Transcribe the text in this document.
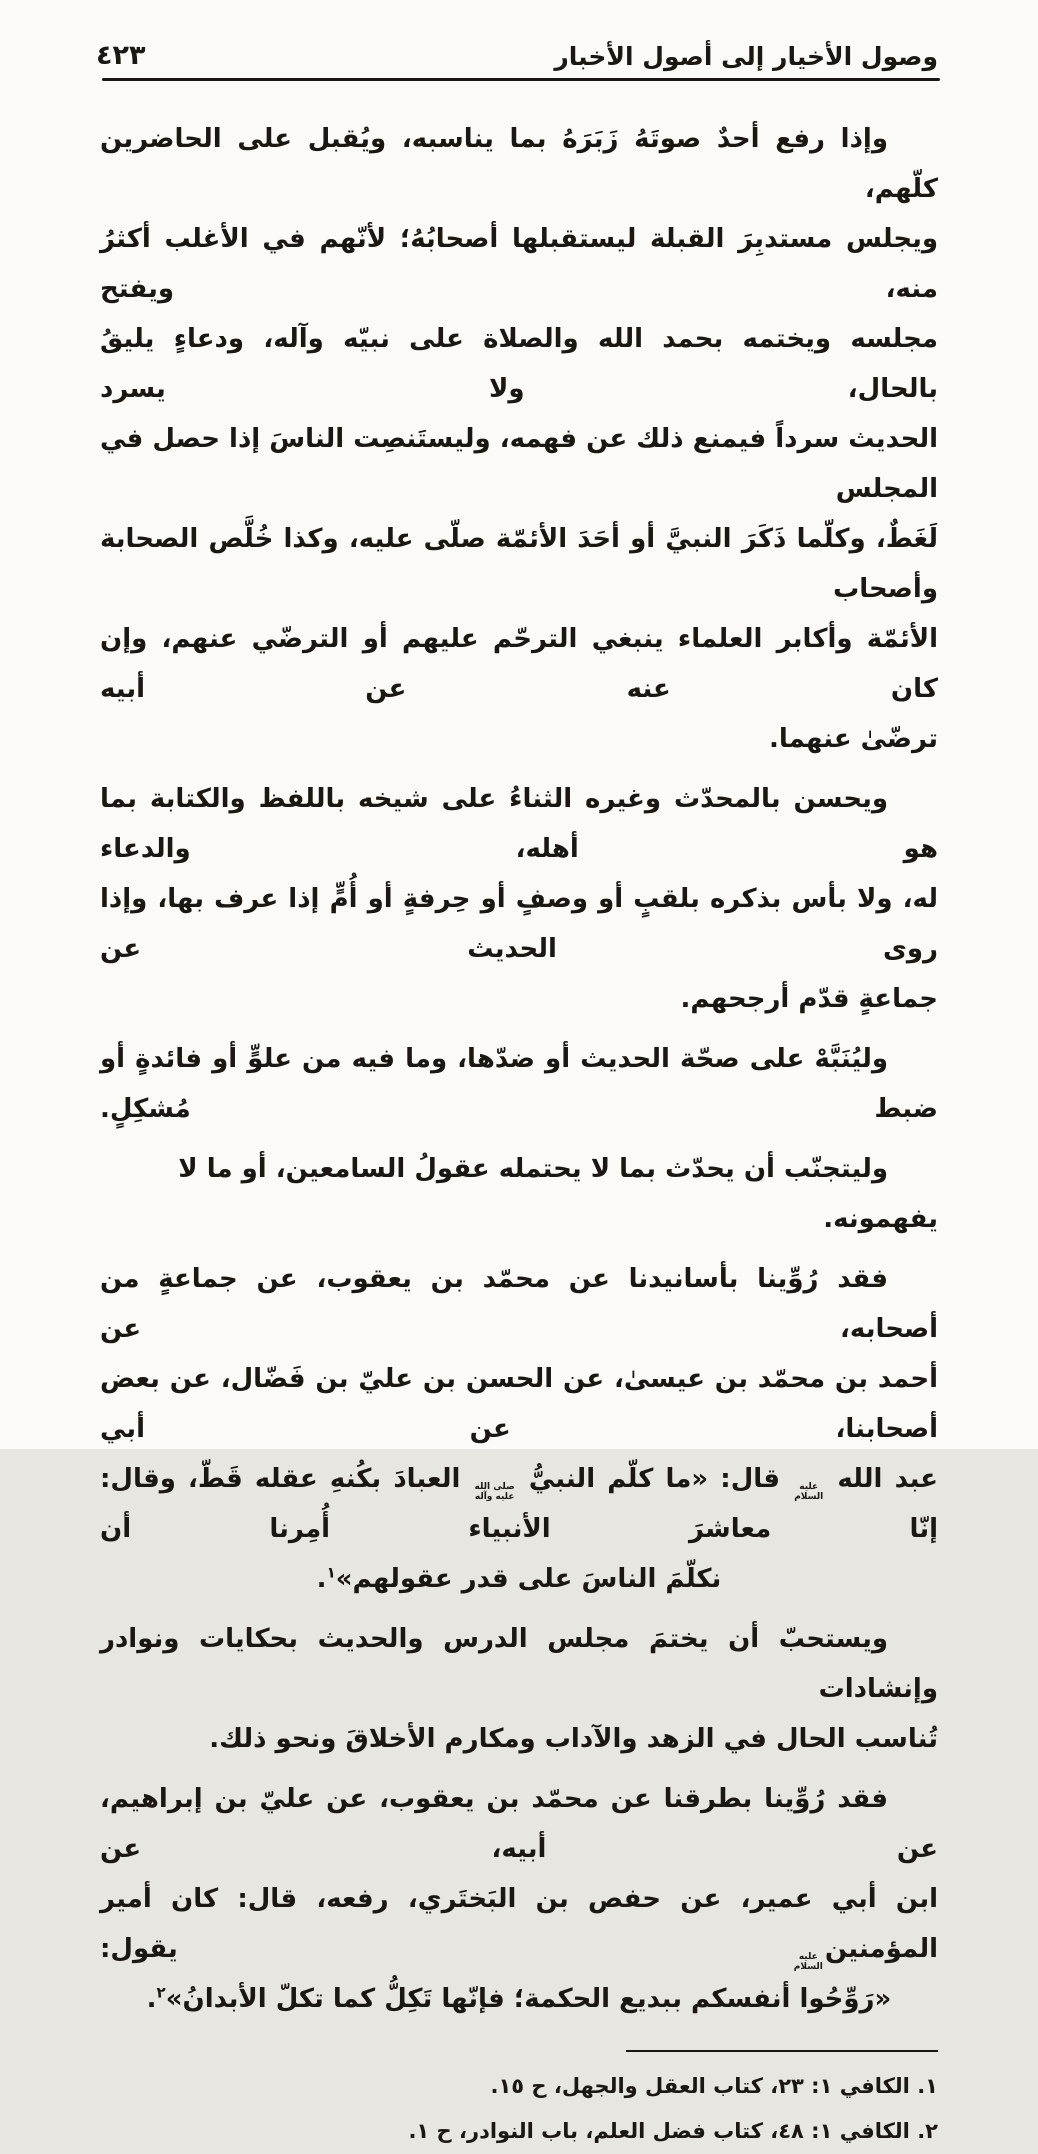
٤٢٣	وصول الأخيار إلى أصول الأخبار
وإذا رفع أحدٌ صوتَهُ زَبَرَهُ بما يناسبه، ويُقبل على الحاضرين كلّهم،
ويجلس مستدبِرَ القبلة ليستقبلها أصحابُهُ؛ لأنّهم في الأغلب أكثرُ منه، ويفتح
مجلسه ويختمه بحمد الله والصلاة على نبيّه وآله، ودعاءٍ يليقُ بالحال، ولا يسرد
الحديث سرداً فيمنع ذلك عن فهمه، وليستَنصِت الناسَ إذا حصل في المجلس
لَغَطٌ، وكلّما ذَكَرَ النبيَّ أو أحَدَ الأئمّة صلّى عليه، وكذا خُلَّص الصحابة وأصحاب
الأئمّة وأكابر العلماء ينبغي الترحّم عليهم أو الترضّي عنهم، وإن كان عنه عن أبيه
ترضّىٰ عنهما.
ويحسن بالمحدّث وغيره الثناءُ على شيخه باللفظ والكتابة بما هو أهله، والدعاء
له، ولا بأس بذكره بلقبٍ أو وصفٍ أو حِرفةٍ أو أُمٍّ إذا عرف بها، وإذا روى الحديث عن
جماعةٍ قدّم أرجحهم.
وليُنَبَّهْ على صحّة الحديث أو ضدّها، وما فيه من علوٍّ أو فائدةٍ أو ضبط مُشكِلٍ.
وليتجنّب أن يحدّث بما لا يحتمله عقولُ السامعين، أو ما لا يفهمونه.
فقد رُوِّينا بأسانيدنا عن محمّد بن يعقوب، عن جماعةٍ من أصحابه، عن
أحمد بن محمّد بن عيسىٰ، عن الحسن بن عليّ بن فَضّال، عن بعض أصحابنا، عن أبي
عبد الله
عليه
السلام
قال: «ما كلّم النبيُّ
صلى الله
عليه وآله
العبادَ بكُنهِ عقله قَطّ، وقال: إنّا معاشرَ الأنبياء أُمِرنا أن
نكلّمَ الناسَ على قدر عقولهم»$^١$.
ويستحبّ أن يختمَ مجلس الدرس والحديث بحكايات ونوادر وإنشادات
تُناسب الحال في الزهد والآداب ومكارم الأخلاقَ ونحو ذلك.
فقد رُوِّينا بطرقنا عن محمّد بن يعقوب، عن عليّ بن إبراهيم، عن أبيه، عن
ابن أبي عمير، عن حفص بن البَختَري، رفعه، قال: كان أمير المؤمنين
عليه
السلام
يقول:
«رَوِّحُوا أنفسكم ببديع الحكمة؛ فإنّها تَكِلُّ كما تكلّ الأبدانُ»$^٢$.
١. الكافي ١: ٢٣، كتاب العقل والجهل، ح ١٥.
٢. الكافي ١: ٤٨، كتاب فضل العلم، باب النوادر، ح ١.
